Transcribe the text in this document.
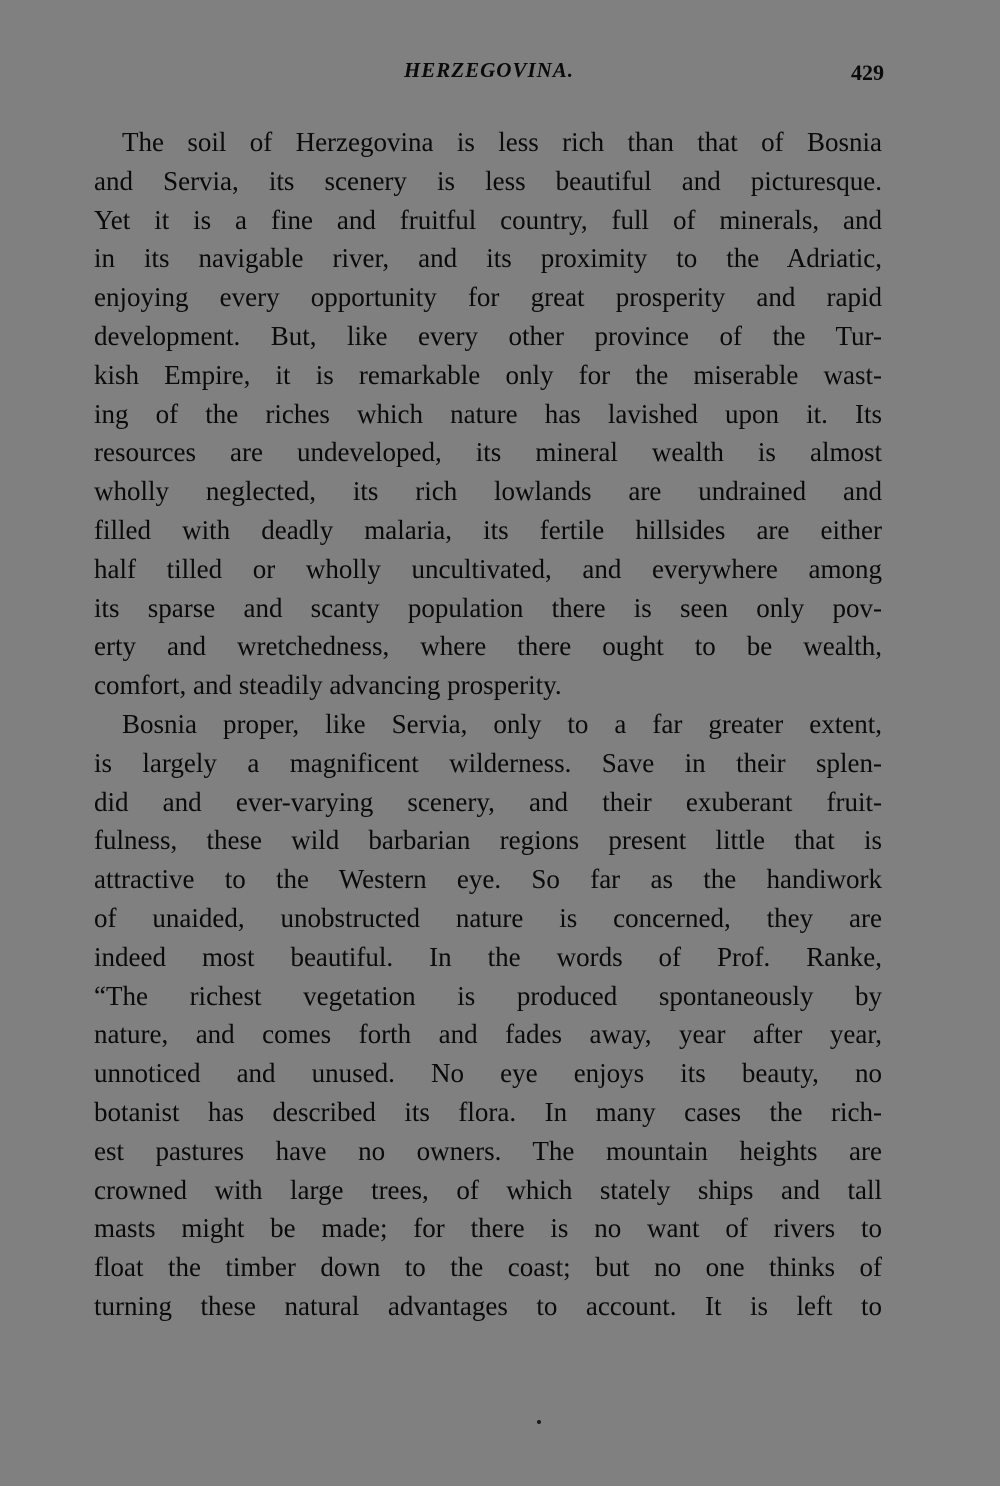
HERZEGOVINA.	429
The soil of Herzegovina is less rich than that of Bosnia
and Servia, its scenery is less beautiful and picturesque.
Yet it is a fine and fruitful country, full of minerals, and
in its navigable river, and its proximity to the Adriatic,
enjoying every opportunity for great prosperity and rapid
development. But, like every other province of the Tur-
kish Empire, it is remarkable only for the miserable wast-
ing of the riches which nature has lavished upon it. Its
resources are undeveloped, its mineral wealth is almost
wholly neglected, its rich lowlands are undrained and
filled with deadly malaria, its fertile hillsides are either
half tilled or wholly uncultivated, and everywhere among
its sparse and scanty population there is seen only pov-
erty and wretchedness, where there ought to be wealth,
comfort, and steadily advancing prosperity.
Bosnia proper, like Servia, only to a far greater extent,
is largely a magnificent wilderness. Save in their splen-
did and ever-varying scenery, and their exuberant fruit-
fulness, these wild barbarian regions present little that is
attractive to the Western eye. So far as the handiwork
of unaided, unobstructed nature is concerned, they are
indeed most beautiful. In the words of Prof. Ranke,
“The richest vegetation is produced spontaneously by
nature, and comes forth and fades away, year after year,
unnoticed and unused. No eye enjoys its beauty, no
botanist has described its flora. In many cases the rich-
est pastures have no owners. The mountain heights are
crowned with large trees, of which stately ships and tall
masts might be made; for there is no want of rivers to
float the timber down to the coast; but no one thinks of
turning these natural advantages to account. It is left to
